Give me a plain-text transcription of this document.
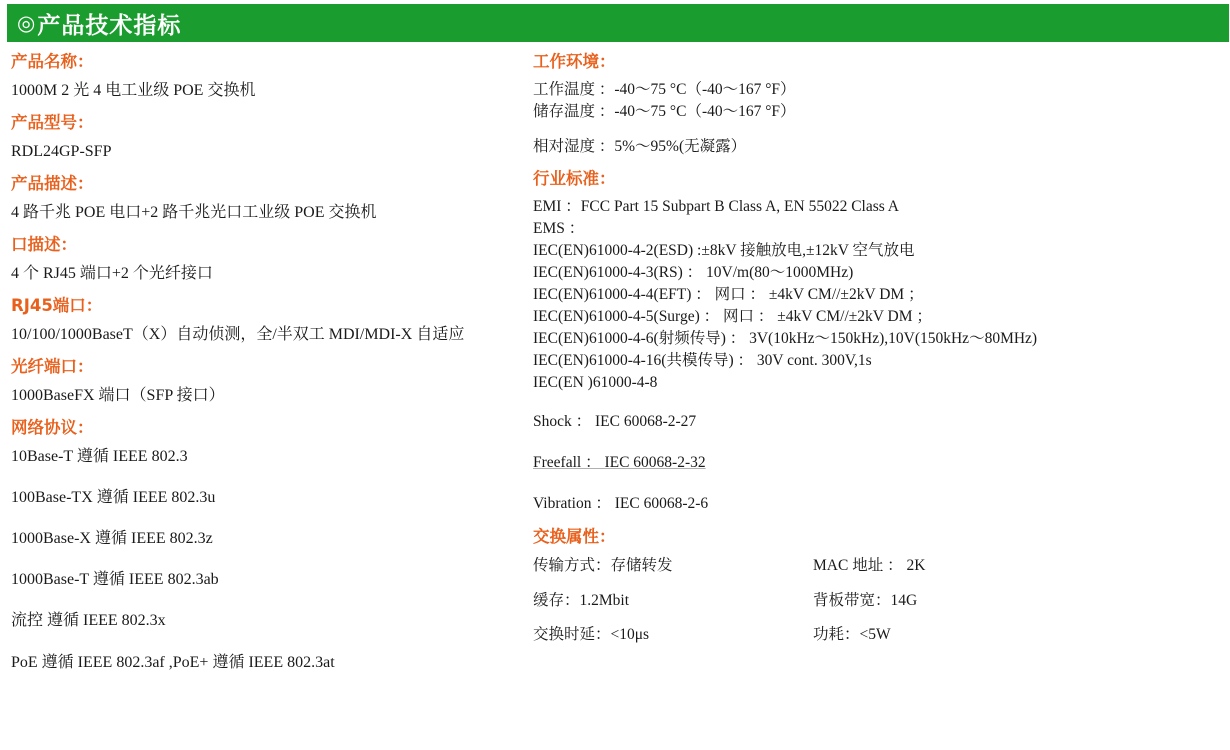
◎ 产品技术指标
产品名称：
1000M 2 光 4 电工业级 POE 交换机
产品型号：
RDL24GP-SFP
产品描述：
4 路千兆 POE 电口+2 路千兆光口工业级 POE 交换机
口描述：
4 个 RJ45 端口+2 个光纤接口
RJ45端口：
10/100/1000BaseT（X）自动侦测，全/半双工 MDI/MDI-X 自适应
光纤端口：
1000BaseFX 端口（SFP 接口）
网络协议：
10Base-T 遵循 IEEE 802.3
100Base-TX 遵循 IEEE 802.3u
1000Base-X 遵循 IEEE 802.3z
1000Base-T 遵循 IEEE 802.3ab
流控 遵循 IEEE 802.3x
PoE 遵循 IEEE 802.3af ,PoE+ 遵循 IEEE 802.3at
工作环境：
工作温度 ：-40～75 °C（-40～167 °F）
储存温度 ：-40～75 °C（-40～167 °F）
相对湿度 ：5%～95%(无凝露）
行业标准：
EMI ：FCC Part 15 Subpart B Class A, EN 55022 Class A
EMS ：
IEC(EN)61000-4-2(ESD) :±8kV 接触放电,±12kV 空气放电
IEC(EN)61000-4-3(RS) ： 10V/m(80～1000MHz)
IEC(EN)61000-4-4(EFT) ： 网口 ： ±4kV CM//±2kV DM ；
IEC(EN)61000-4-5(Surge) ： 网口 ： ±4kV CM//±2kV DM ；
IEC(EN)61000-4-6(射频传导) ： 3V(10kHz～150kHz),10V(150kHz～80MHz)
IEC(EN)61000-4-16(共模传导) ： 30V cont. 300V,1s
IEC(EN )61000-4-8
Shock ： IEC 60068-2-27
Freefall ： IEC 60068-2-32
Vibration ： IEC 60068-2-6
交换属性：
传输方式：存储转发	MAC 地址 ： 2K
缓存：1.2Mbit	背板带宽：14G
交换时延：<10μs	功耗：<5W
